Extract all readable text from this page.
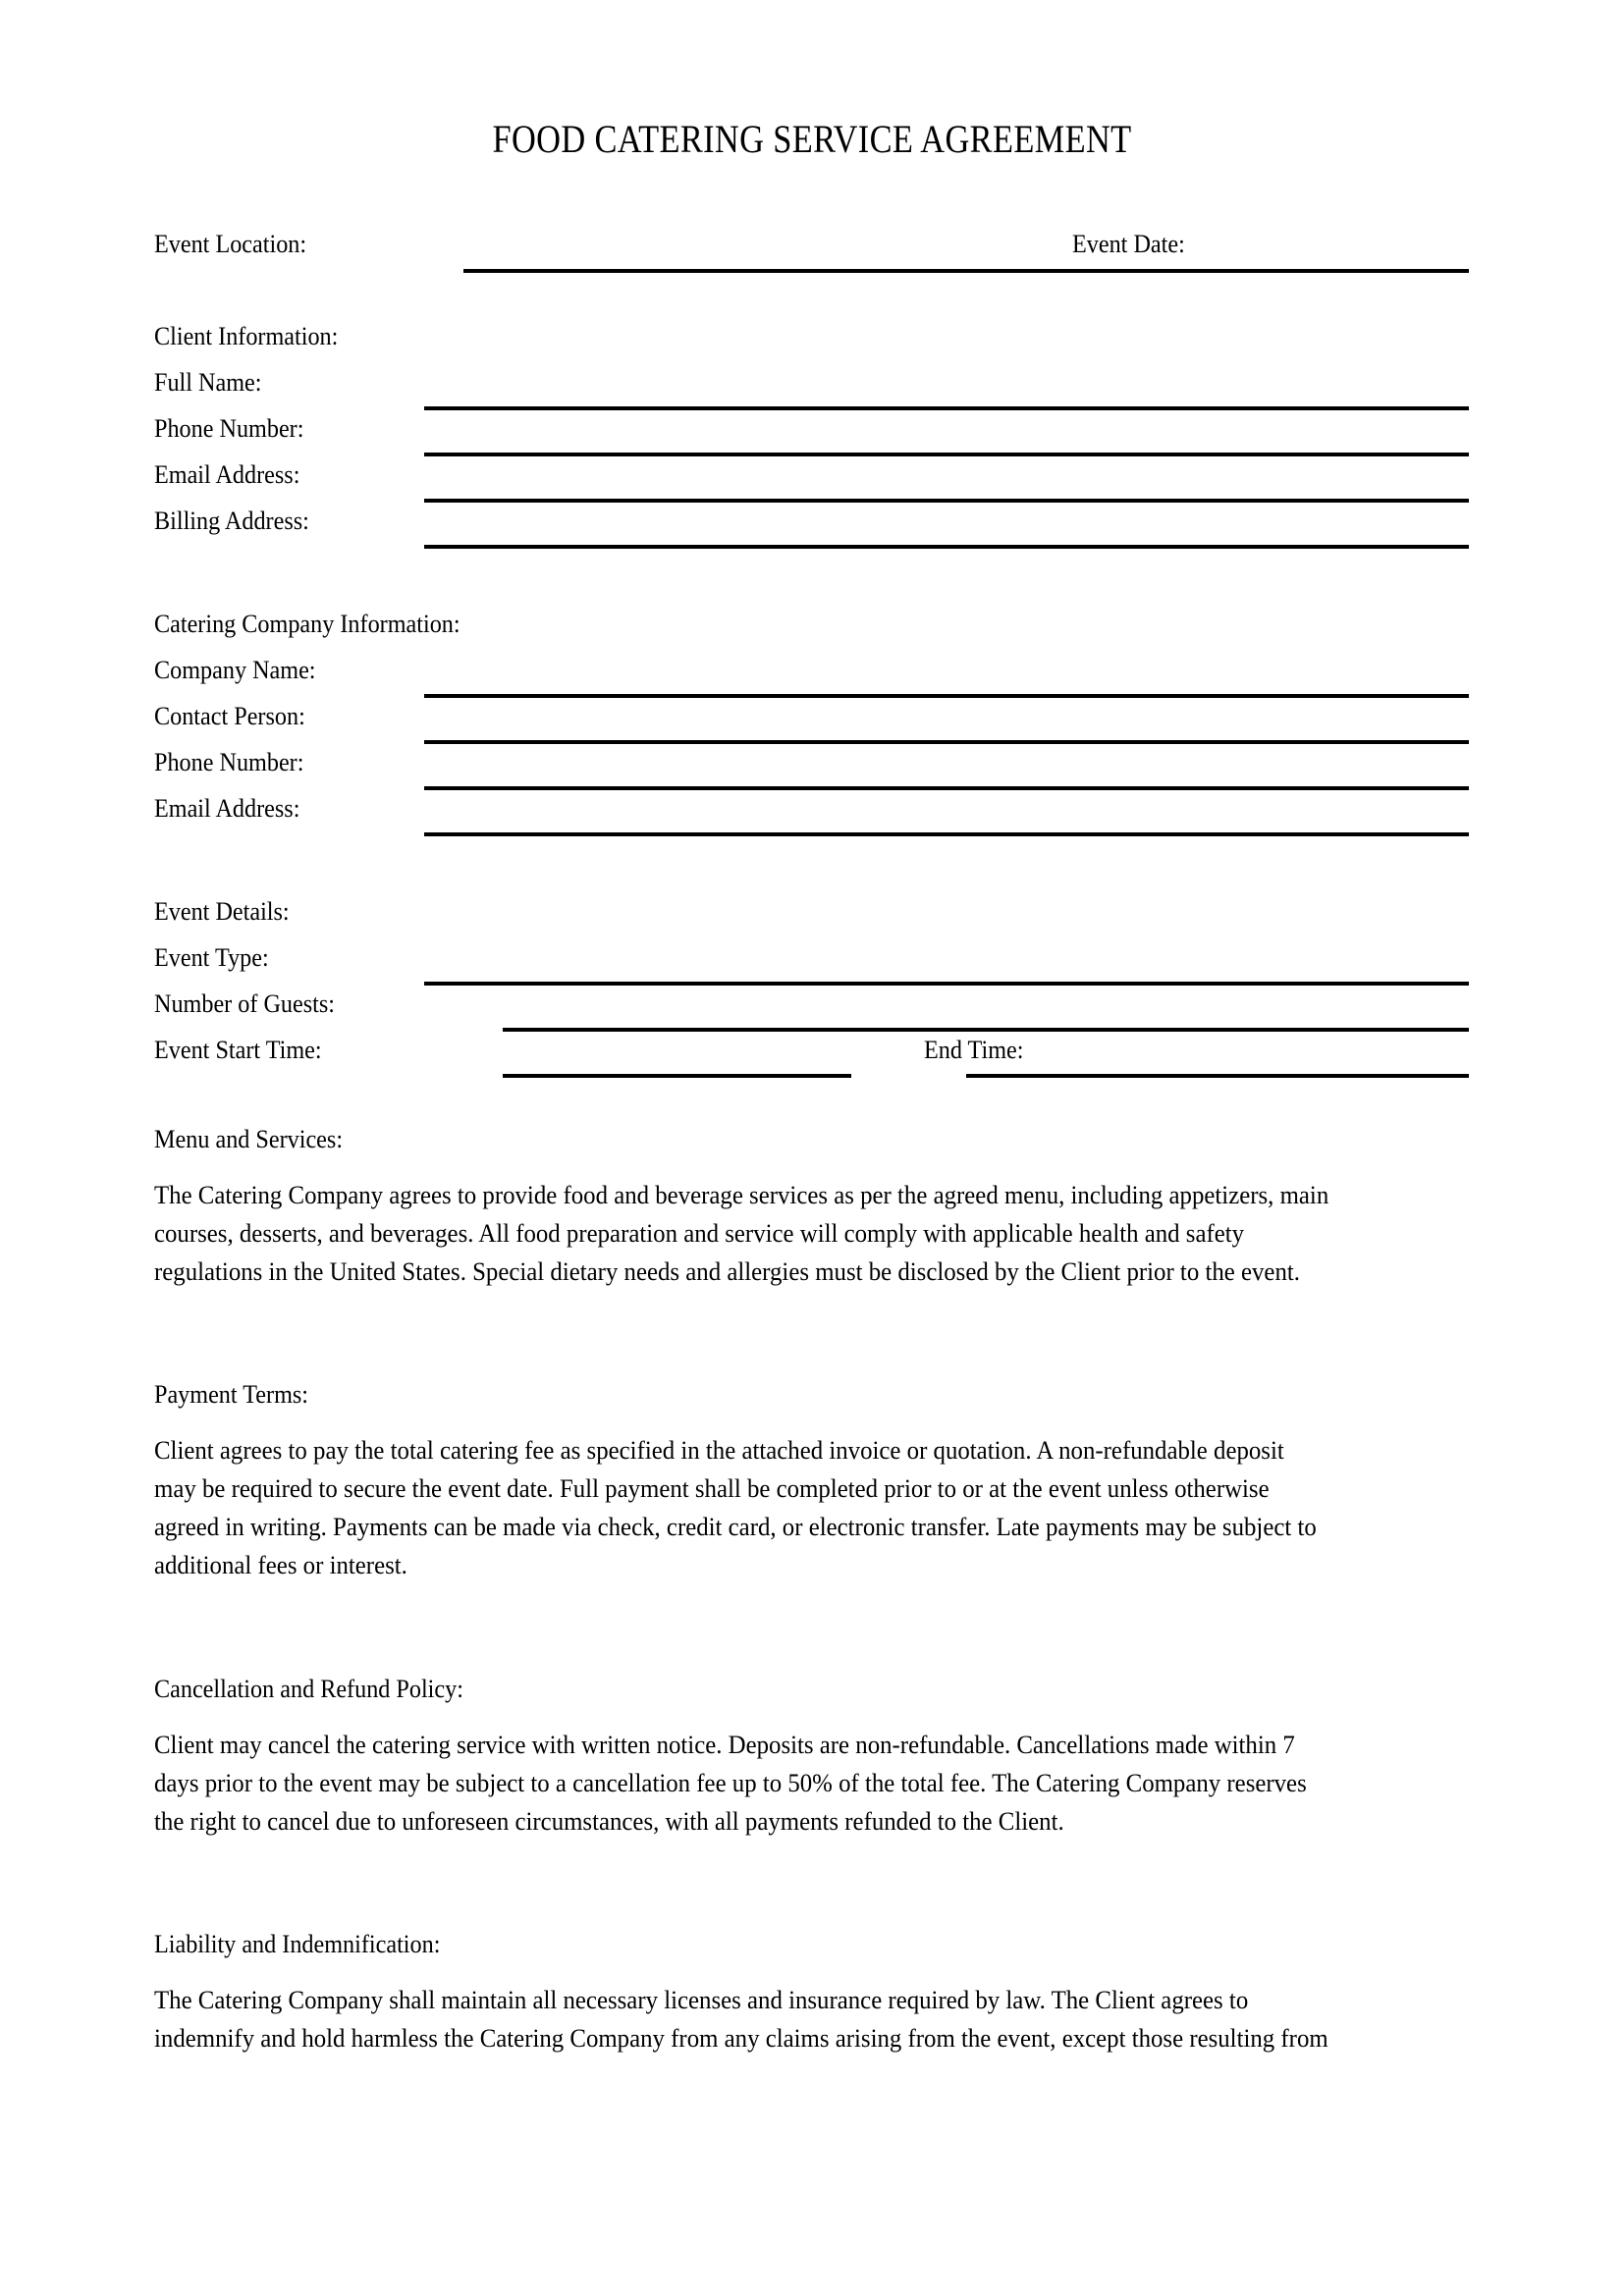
FOOD CATERING SERVICE AGREEMENT
Event Location:	Event Date:
Client Information:
Full Name:
Phone Number:
Email Address:
Billing Address:
Catering Company Information:
Company Name:
Contact Person:
Phone Number:
Email Address:
Event Details:
Event Type:
Number of Guests:
Event Start Time:	End Time:
Menu and Services:
The Catering Company agrees to provide food and beverage services as per the agreed menu, including appetizers, main
courses, desserts, and beverages. All food preparation and service will comply with applicable health and safety
regulations in the United States. Special dietary needs and allergies must be disclosed by the Client prior to the event.
Payment Terms:
Client agrees to pay the total catering fee as specified in the attached invoice or quotation. A non-refundable deposit
may be required to secure the event date. Full payment shall be completed prior to or at the event unless otherwise
agreed in writing. Payments can be made via check, credit card, or electronic transfer. Late payments may be subject to
additional fees or interest.
Cancellation and Refund Policy:
Client may cancel the catering service with written notice. Deposits are non-refundable. Cancellations made within 7
days prior to the event may be subject to a cancellation fee up to 50% of the total fee. The Catering Company reserves
the right to cancel due to unforeseen circumstances, with all payments refunded to the Client.
Liability and Indemnification:
The Catering Company shall maintain all necessary licenses and insurance required by law. The Client agrees to
indemnify and hold harmless the Catering Company from any claims arising from the event, except those resulting from
